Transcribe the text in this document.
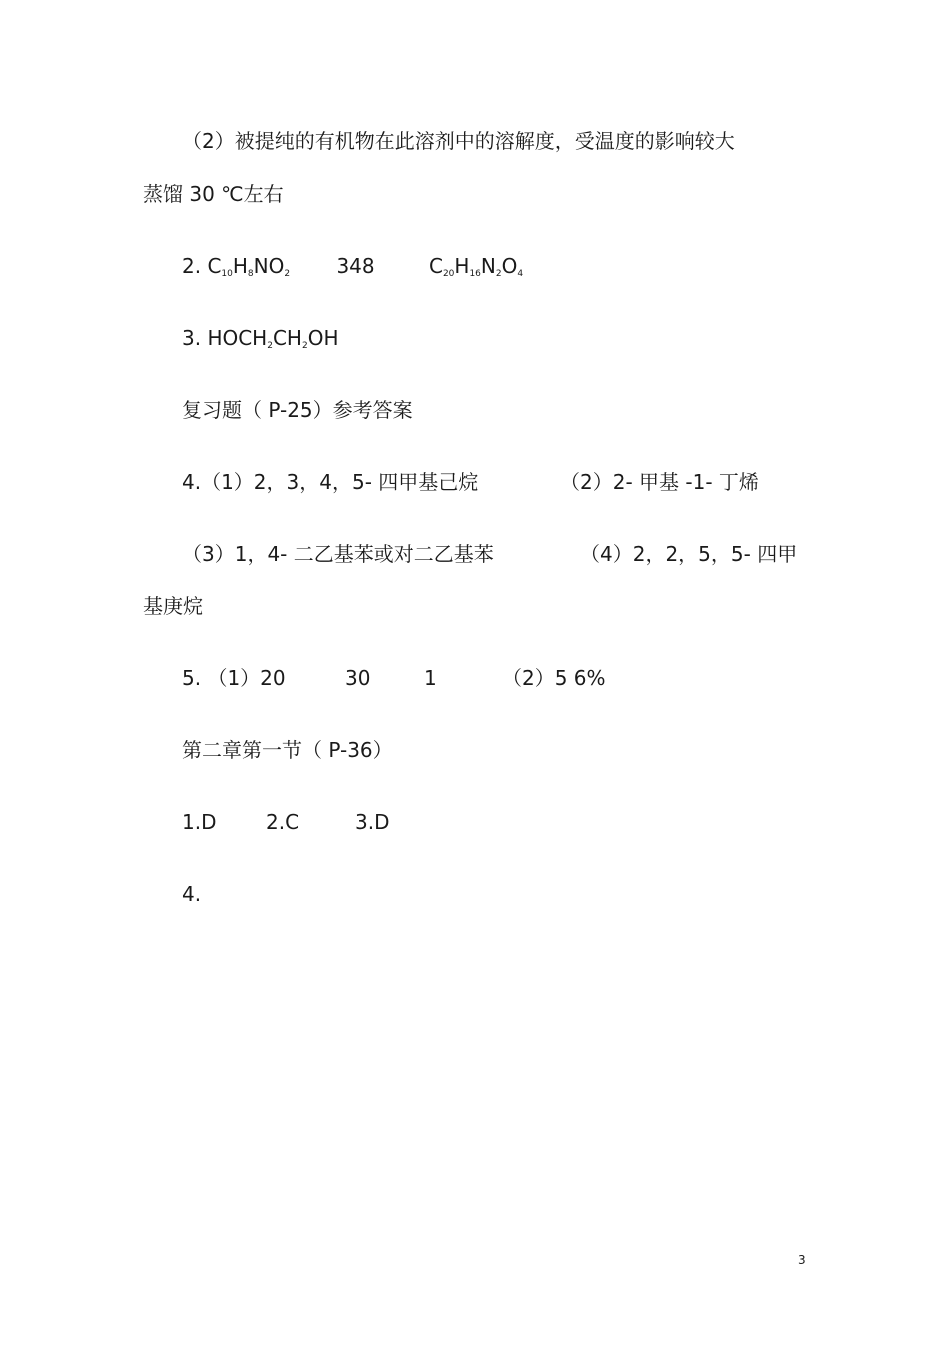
（2）被提纯的有机物在此溶剂中的溶解度，受温度的影响较大
蒸馏 30 ℃左右
2. $C_{10}H_8NO_2$ 348	$C_{20}H_{16}N_2O_4$
3. $HOCH_2CH_2OH$
复习题（ P-25）参考答案
4.（1）2，3，4，5- 四甲基己烷	（2）2- 甲基 -1- 丁烯
（3）1，4- 二乙基苯或对二乙基苯	（4）2，2，5，5- 四甲
基庚烷
5. （1）20	30	1	（2）5 6%
第二章第一节（ P-36）
1.D 2.C	3.D
4.
3
